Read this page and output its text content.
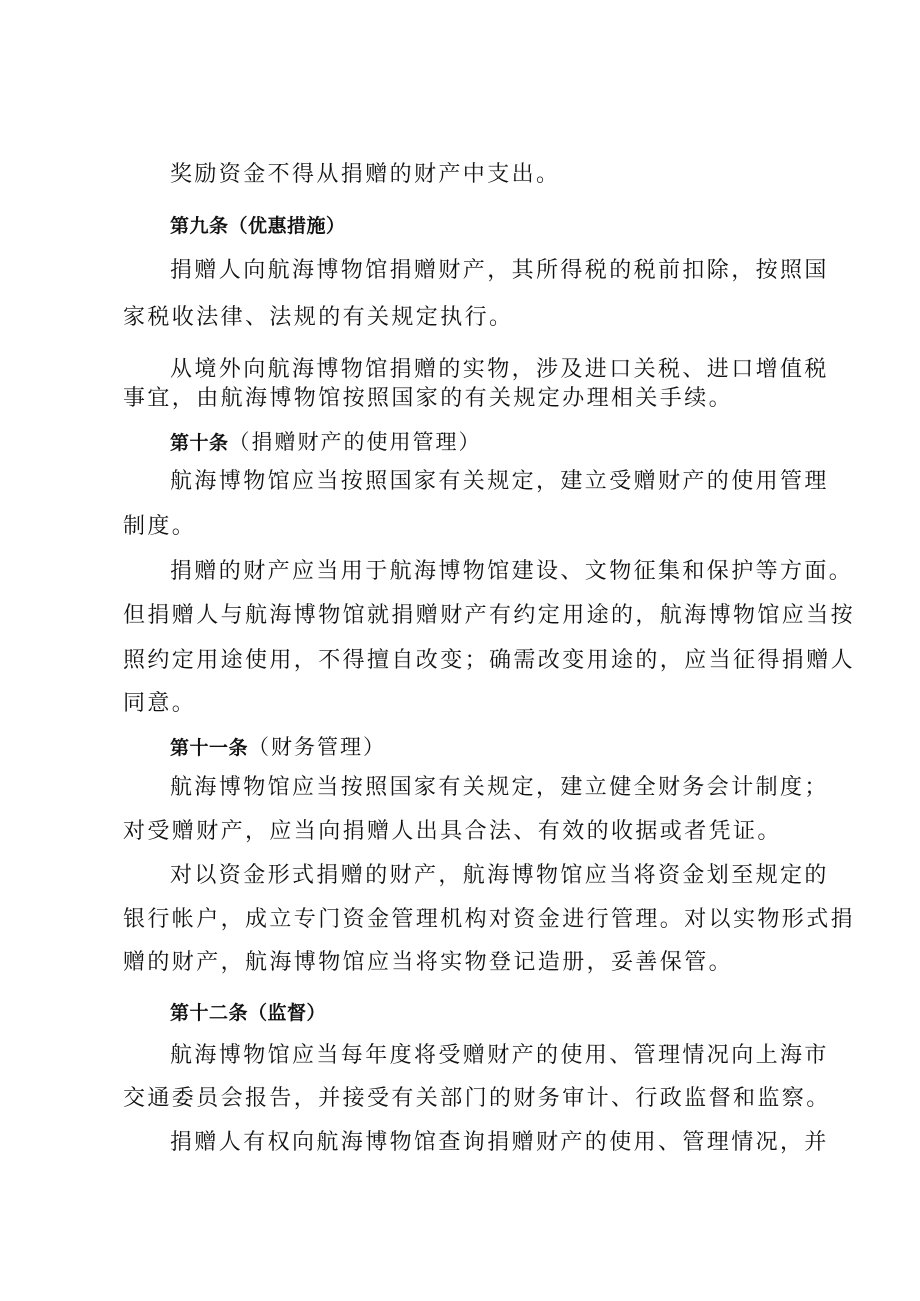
奖励资金不得从捐赠的财产中支出。
第九条（优惠措施）
捐赠人向航海博物馆捐赠财产，其所得税的税前扣除，按照国
家税收法律、法规的有关规定执行。
从境外向航海博物馆捐赠的实物，涉及进口关税、进口增值税
事宜，由航海博物馆按照国家的有关规定办理相关手续。
第十条（捐赠财产的使用管理）
航海博物馆应当按照国家有关规定，建立受赠财产的使用管理
制度。
捐赠的财产应当用于航海博物馆建设、文物征集和保护等方面。
但捐赠人与航海博物馆就捐赠财产有约定用途的，航海博物馆应当按
照约定用途使用，不得擅自改变；确需改变用途的，应当征得捐赠人
同意。
第十一条（财务管理）
航海博物馆应当按照国家有关规定，建立健全财务会计制度；
对受赠财产，应当向捐赠人出具合法、有效的收据或者凭证。
对以资金形式捐赠的财产，航海博物馆应当将资金划至规定的
银行帐户，成立专门资金管理机构对资金进行管理。对以实物形式捐
赠的财产，航海博物馆应当将实物登记造册，妥善保管。
第十二条（监督）
航海博物馆应当每年度将受赠财产的使用、管理情况向上海市
交通委员会报告，并接受有关部门的财务审计、行政监督和监察。
捐赠人有权向航海博物馆查询捐赠财产的使用、管理情况，并
